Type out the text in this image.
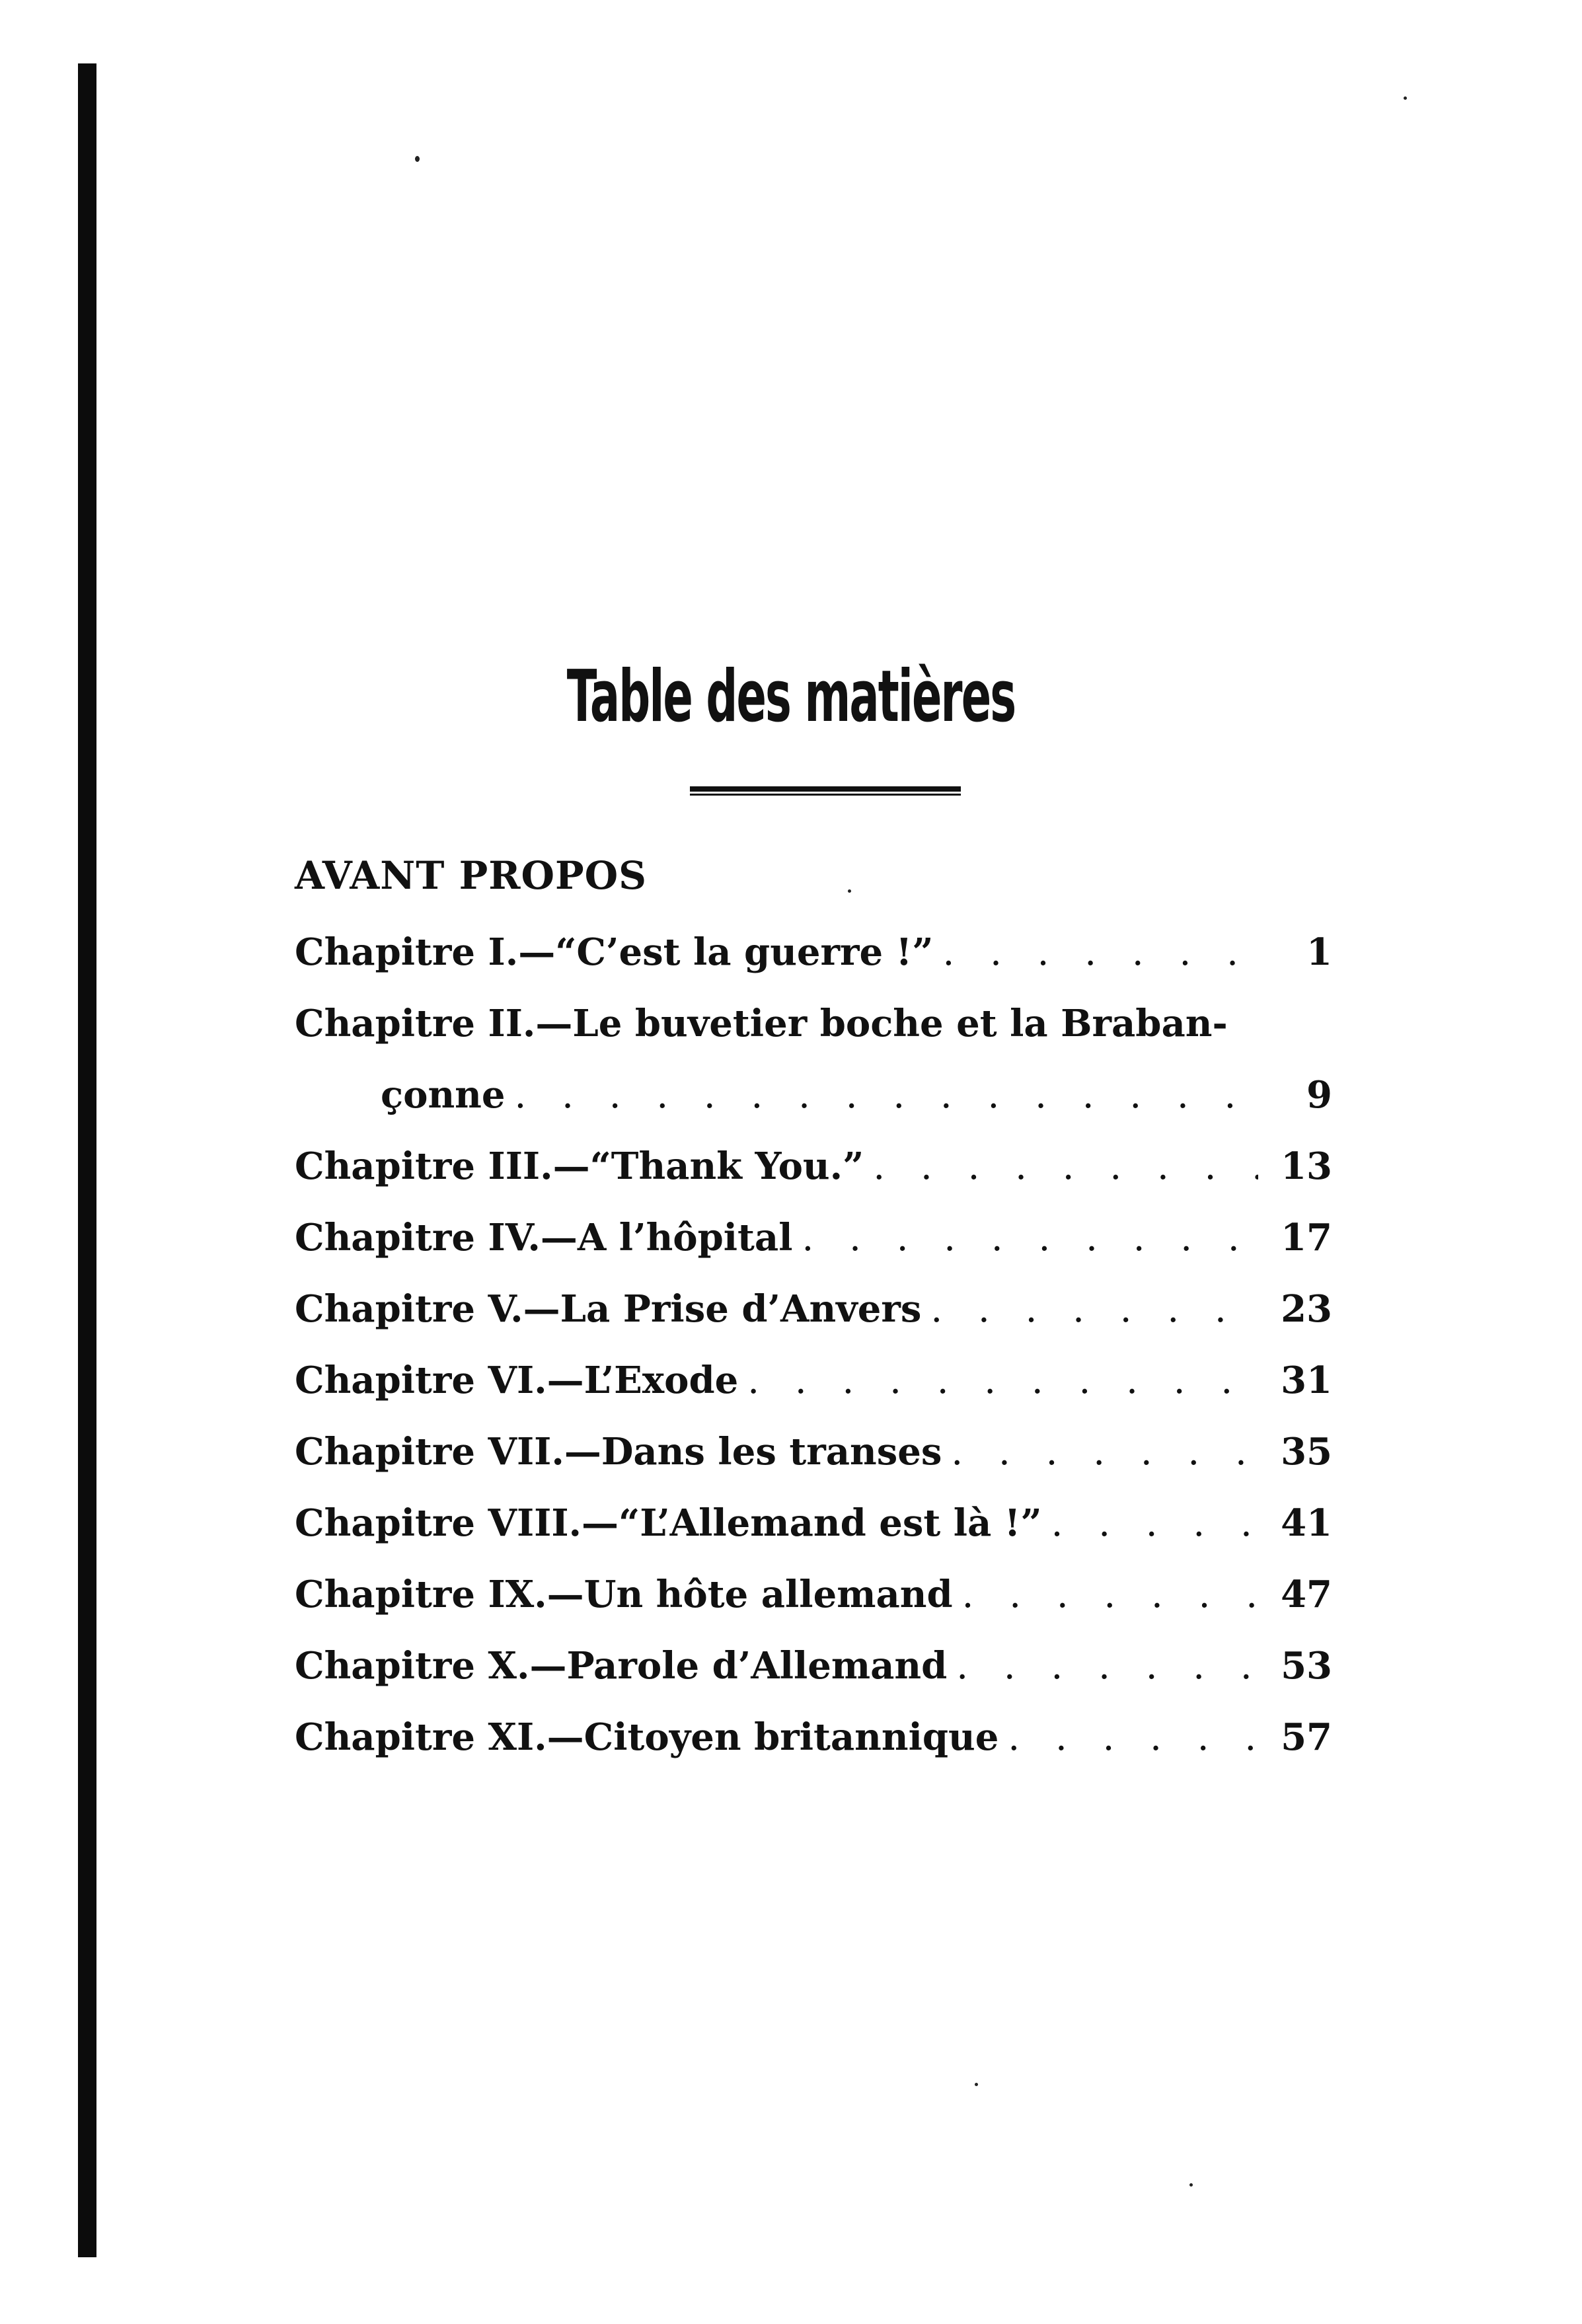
Table des matières
AVANT PROPOS
Chapitre I.—“C’est la guerre !” . . .	1
Chapitre II.—Le buvetier boche et la Braban-
çonne . . .	9
Chapitre III.—“Thank You.” . . .	13
Chapitre IV.—A l’hôpital . . .	17
Chapitre V.—La Prise d’Anvers . . .	23
Chapitre VI.—L’Exode . . .	31
Chapitre VII.—Dans les transes . . .	35
Chapitre VIII.—“L’Allemand est là !” . . .	41
Chapitre IX.—Un hôte allemand . . .	47
Chapitre X.—Parole d’Allemand . . .	53
Chapitre XI.—Citoyen britannique . . .	57
